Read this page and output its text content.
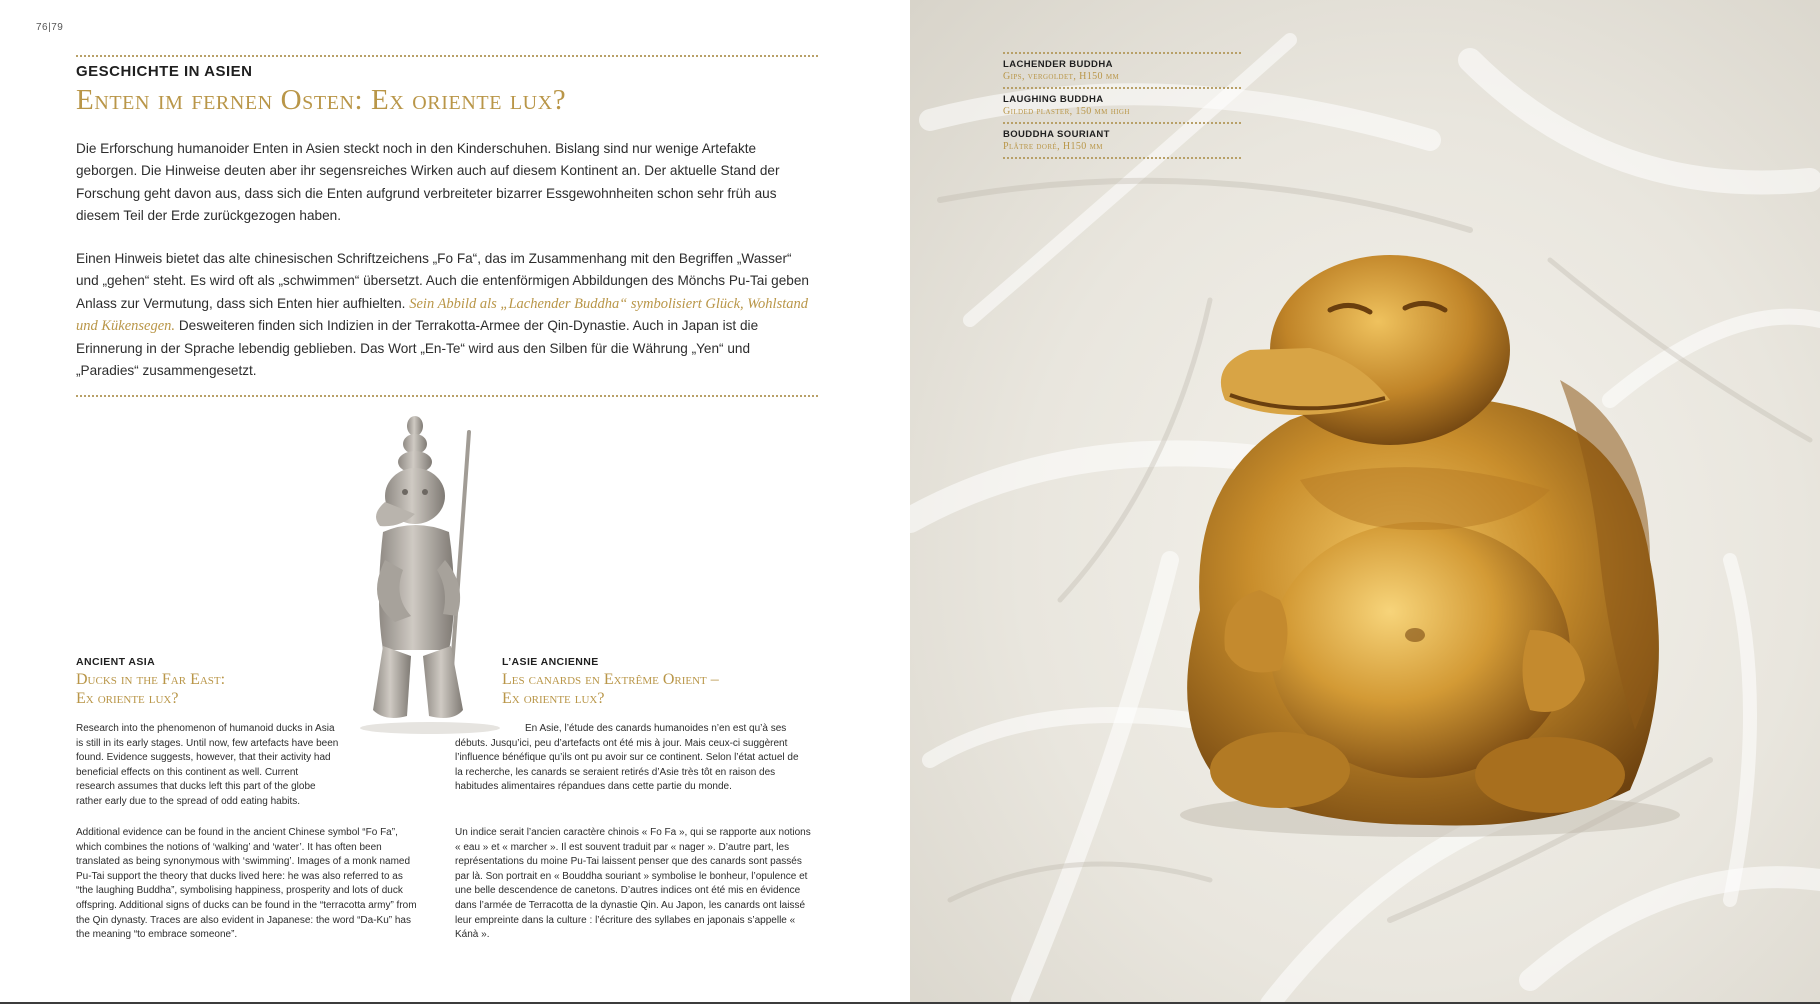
76|79
GESCHICHTE IN ASIEN
Enten im fernen Osten: Ex oriente lux?

Die Erforschung humanoider Enten in Asien steckt noch in den Kinderschuhen. Bislang sind nur wenige Artefakte geborgen. Die Hinweise deuten aber ihr segensreiches Wirken auch auf diesem Kontinent an. Der aktuelle Stand der Forschung geht davon aus, dass sich die Enten aufgrund verbreiteter bizarrer Essgewohnheiten schon sehr früh aus diesem Teil der Erde zurückgezogen haben.

Einen Hinweis bietet das alte chinesischen Schriftzeichens „Fo Fa“, das im Zusammenhang mit den Begriffen „Wasser“ und „gehen“ steht. Es wird oft als „schwimmen“ übersetzt. Auch die entenförmigen Abbildungen des Mönchs Pu-Tai geben Anlass zur Vermutung, dass sich Enten hier aufhielten. Sein Abbild als „Lachender Buddha“ symbolisiert Glück, Wohlstand und Kükensegen. Desweiteren finden sich Indizien in der Terrakotta-Armee der Qin-Dynastie. Auch in Japan ist die Erinnerung in der Sprache lebendig geblieben. Das Wort „En-Te“ wird aus den Silben für die Währung „Yen“ und „Paradies“ zusammengesetzt.

ANCIENT ASIA
Ducks in the Far East:
Ex oriente lux?

Research into the phenomenon of humanoid ducks in Asia is still in its early stages. Until now, few artefacts have been found. Evidence suggests, however, that their activity had beneficial effects on this continent as well. Current research assumes that ducks left this part of the globe rather early due to the spread of odd eating habits.

Additional evidence can be found in the ancient Chinese symbol “Fo Fa”, which combines the notions of ‘walking’ and ‘water’. It has often been translated as being synonymous with ‘swimming’. Images of a monk named Pu-Tai support the theory that ducks lived here: he was also referred to as “the laughing Buddha”, symbolising happiness, prosperity and lots of duck offspring. Additional signs of ducks can be found in the “terracotta army” from the Qin dynasty. Traces are also evident in Japanese: the word “Da-Ku” has the meaning “to embrace someone”.

L’ASIE ANCIENNE
Les canards en Extrême Orient –
Ex oriente lux?

En Asie, l’étude des canards humanoides n’en est qu’à ses débuts. Jusqu’ici, peu d’artefacts ont été mis à jour. Mais ceux-ci suggèrent l’influence bénéfique qu’ils ont pu avoir sur ce continent. Selon l’état actuel de la recherche, les canards se seraient retirés d’Asie très tôt en raison des habitudes alimentaires répandues dans cette partie du monde.

Un indice serait l’ancien caractère chinois « Fo Fa », qui se rapporte aux notions « eau » et « marcher ». Il est souvent traduit par « nager ». D’autre part, les représentations du moine Pu-Tai laissent penser que des canards sont passés par là. Son portrait en « Bouddha souriant » symbolise le bonheur, l’opulence et une belle descendence de canetons. D’autres indices ont été mis en évidence dans l’armée de Terracotta de la dynastie Qin. Au Japon, les canards ont laissé leur empreinte dans la culture : l’écriture des syllabes en japonais s’appelle « Kánà ».

LACHENDER BUDDHA
Gips, vergoldet, H150 mm
LAUGHING BUDDHA
Gilded plaster, 150 mm high
BOUDDHA SOURIANT
Plâtre doré, H150 mm
